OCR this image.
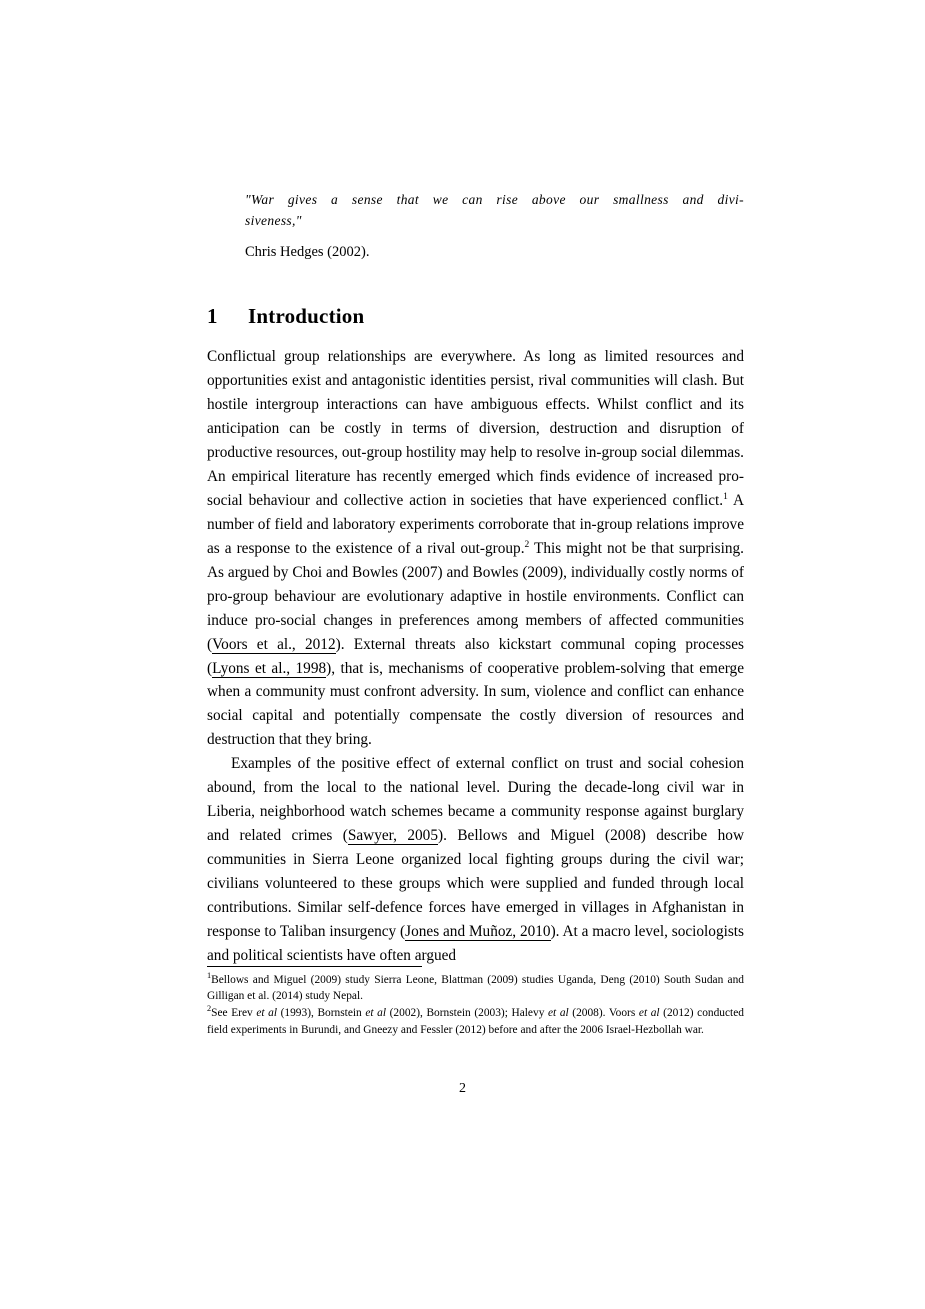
"War gives a sense that we can rise above our smallness and divi-
siveness,"
Chris Hedges (2002).
1 Introduction

Conflictual group relationships are everywhere. As long as limited resources and opportunities exist and antagonistic identities persist, rival communities will clash. But hostile intergroup interactions can have ambiguous effects. Whilst conflict and its anticipation can be costly in terms of diversion, destruction and disruption of productive resources, out-group hostility may help to resolve in-group social dilemmas. An empirical literature has recently emerged which finds evidence of increased pro-social behaviour and collective action in societies that have experienced conflict.$^1$ A number of field and laboratory experiments corroborate that in-group relations improve as a response to the existence of a rival out-group.$^2$ This might not be that surprising. As argued by Choi and Bowles (2007) and Bowles (2009), individually costly norms of pro-group behaviour are evolutionary adaptive in hostile environments. Conflict can induce pro-social changes in preferences among members of affected communities (Voors et al., 2012). External threats also kickstart communal coping processes (Lyons et al., 1998), that is, mechanisms of cooperative problem-solving that emerge when a community must confront adversity. In sum, violence and conflict can enhance social capital and potentially compensate the costly diversion of resources and destruction that they bring.

Examples of the positive effect of external conflict on trust and social cohesion abound, from the local to the national level. During the decade-long civil war in Liberia, neighborhood watch schemes became a community response against burglary and related crimes (Sawyer, 2005). Bellows and Miguel (2008) describe how communities in Sierra Leone organized local fighting groups during the civil war; civilians volunteered to these groups which were supplied and funded through local contributions. Similar self-defence forces have emerged in villages in Afghanistan in response to Taliban insurgency (Jones and Muñoz, 2010). At a macro level, sociologists and political scientists have often argued

$^1$Bellows and Miguel (2009) study Sierra Leone, Blattman (2009) studies Uganda, Deng (2010) South Sudan and Gilligan et al. (2014) study Nepal.

$^2$See Erev et al (1993), Bornstein et al (2002), Bornstein (2003); Halevy et al (2008). Voors et al (2012) conducted field experiments in Burundi, and Gneezy and Fessler (2012) before and after the 2006 Israel-Hezbollah war.

2
